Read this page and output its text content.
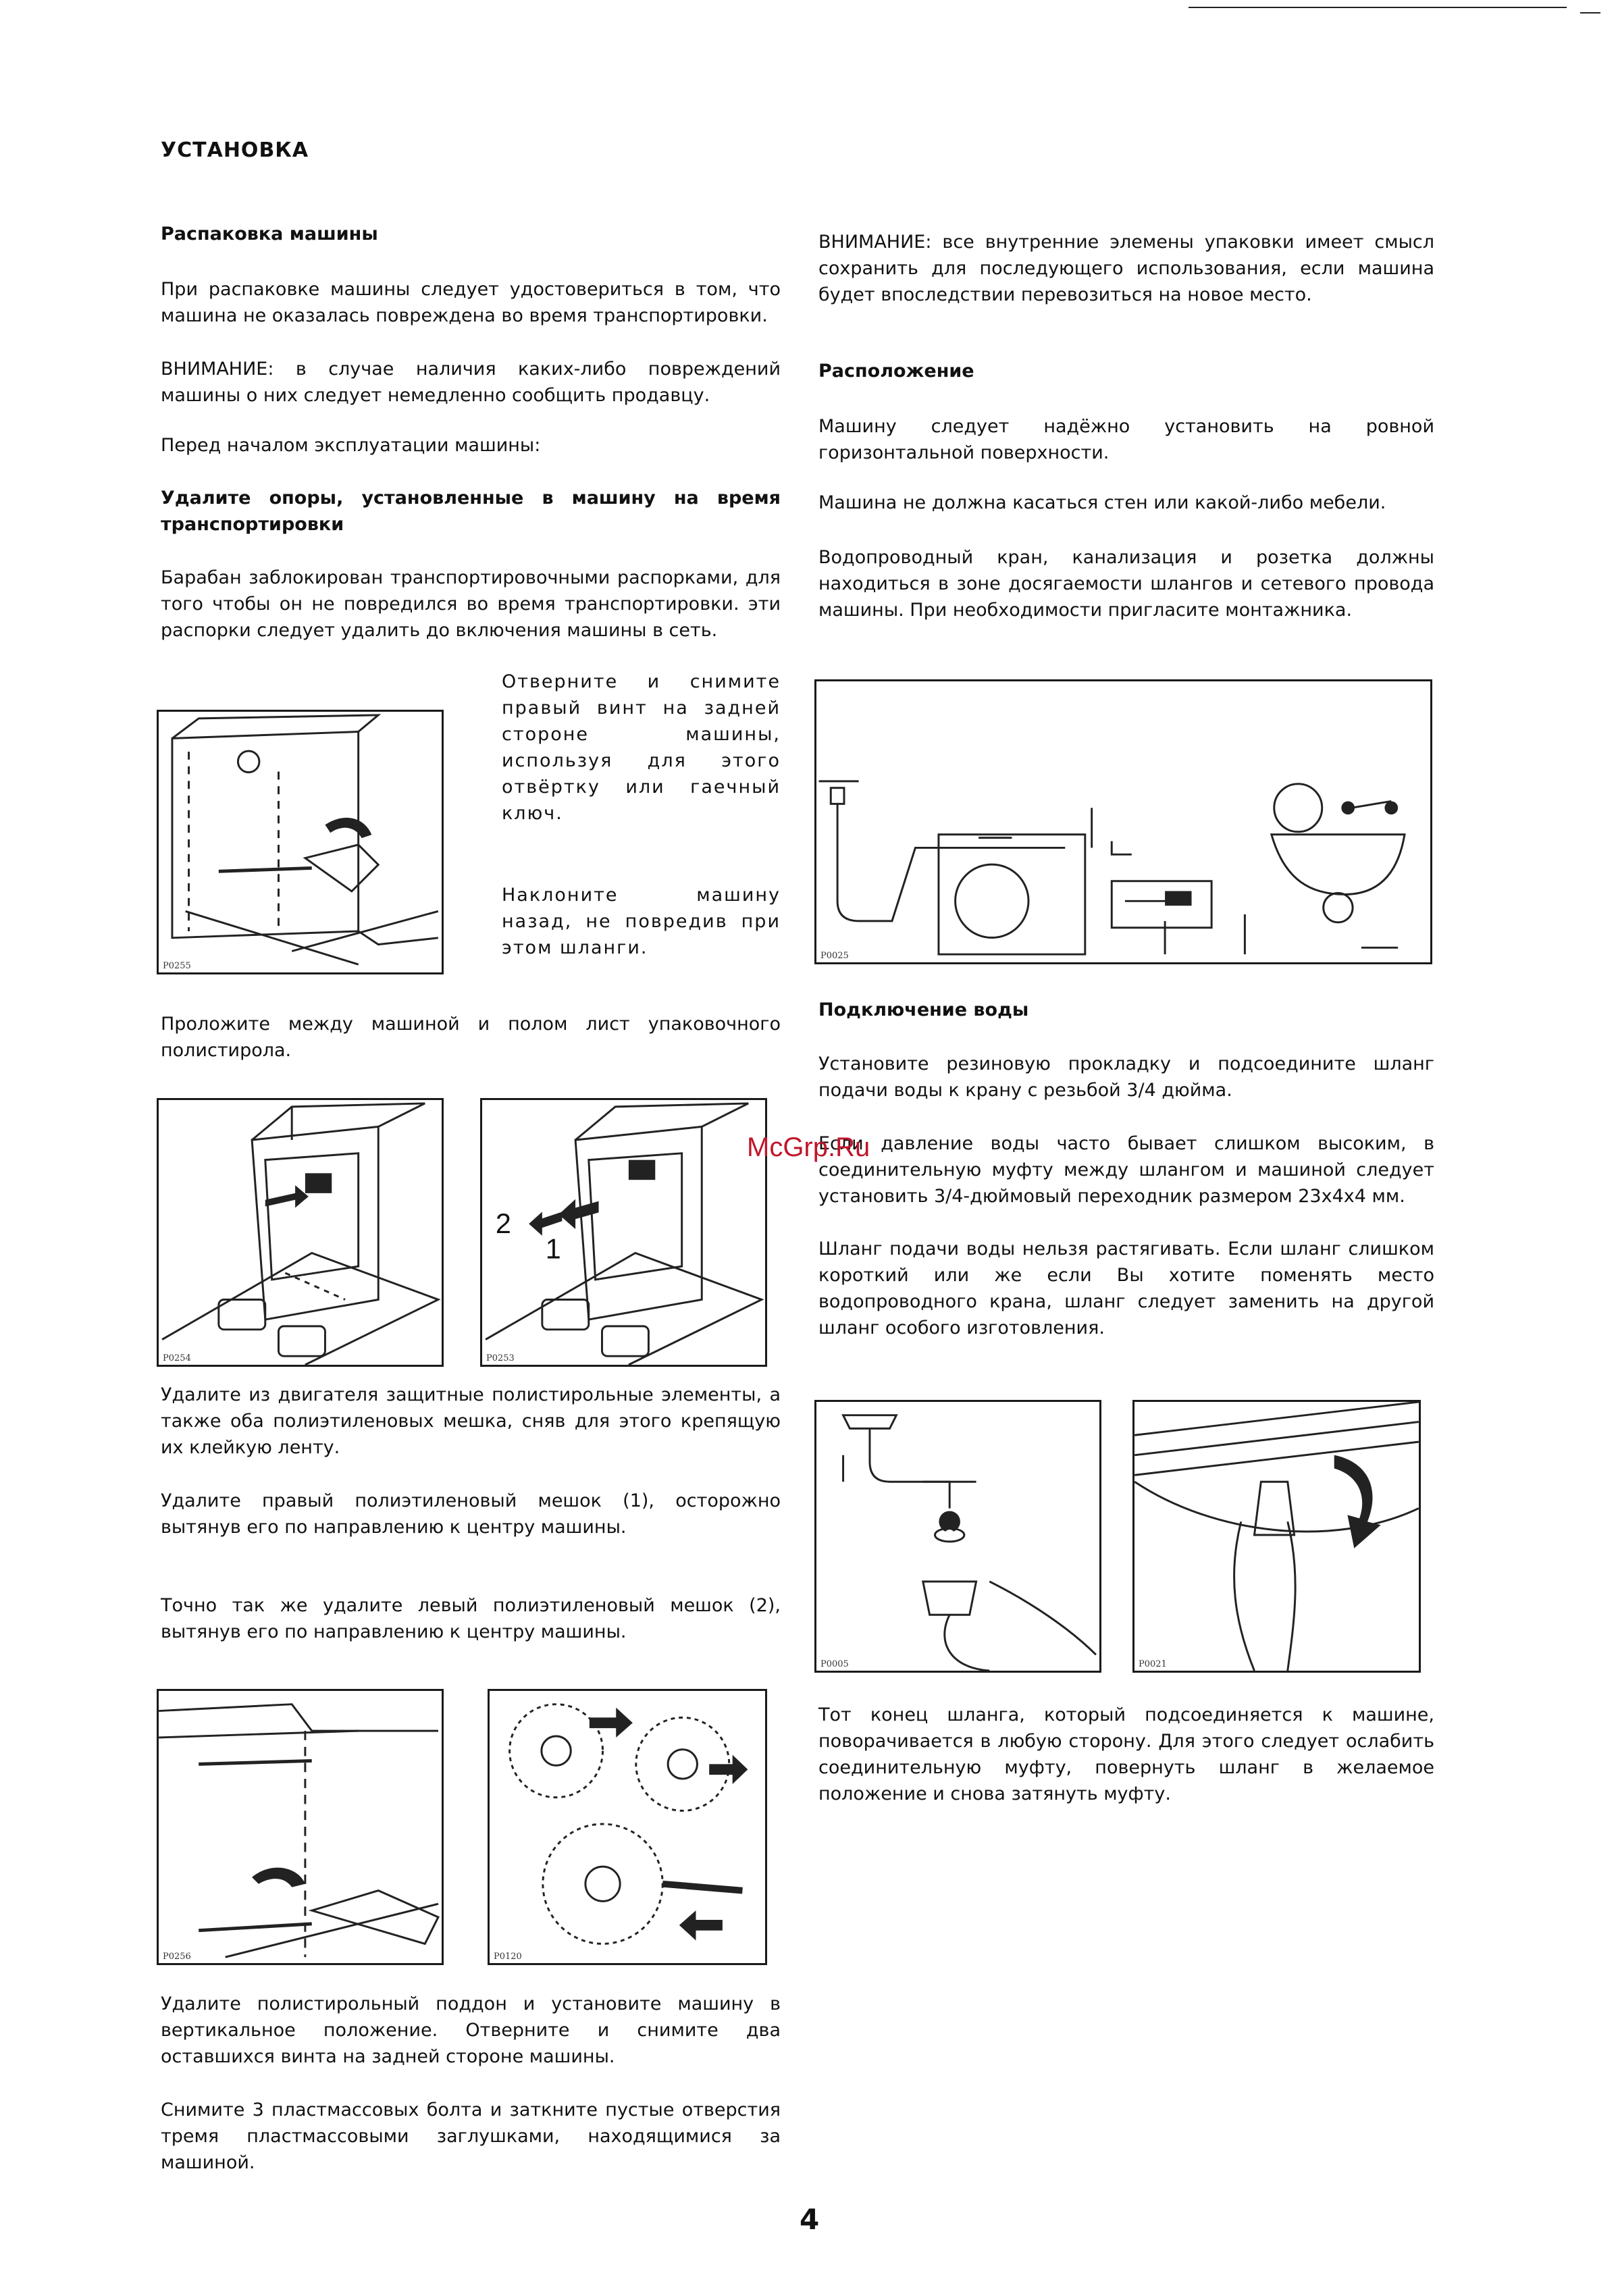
УСТАНОВКА
Распаковка машины
При распаковке машины следует удостовериться в том, что машина не оказалась повреждена во время транспортировки.
ВНИМАНИЕ: в случае наличия каких-либо повреждений машины о них следует немедленно сообщить продавцу.
Перед началом эксплуатации машины:
Удалите опоры, установленные в машину на время транспортировки
Барабан заблокирован транспортировочными распорками, для того чтобы он не повредился во время транспортировки. эти распорки следует удалить до включения машины в сеть.
P0255
Отверните и снимите правый винт на задней стороне машины, используя для этого отвёртку или гаечный ключ.
Наклоните машину назад, не повредив при этом шланги.
Проложите между машиной и полом лист упаковочного полистирола.
P0254
2
1
P0253
Удалите из двигателя защитные полистирольные элементы, а также оба полиэтиленовых мешка, сняв для этого крепящую их клейкую ленту.
Удалите правый полиэтиленовый мешок (1), осторожно вытянув его по направлению к центру машины.
Точно так же удалите левый полиэтиленовый мешок (2), вытянув его по направлению к центру машины.
P0256	P0120
Удалите полистирольный поддон и установите машину в вертикальное положение. Отверните и снимите два оставшихся винта на задней стороне машины.
Снимите 3 пластмассовых болта и заткните пустые отверстия тремя пластмассовыми заглушками, находящимися за машиной.
ВНИМАНИЕ: все внутренние элемены упаковки имеет смысл сохранить для последующего использования, если машина будет впоследствии перевозиться на новое место.
Расположение
Машину следует надёжно установить на ровной горизонтальной поверхности.
Машина не должна касаться стен или какой-либо мебели.
Водопроводный кран, канализация и розетка должны находиться в зоне досягаемости шлангов и сетевого провода машины. При необходимости пригласите монтажника.
P0025
Подключение воды
Установите резиновую прокладку и подсоедините шланг подачи воды к крану с резьбой 3/4 дюйма.
Если давление воды часто бывает слишком высоким, в соединительную муфту между шлангом и машиной следует установить 3/4-дюймовый переходник размером 23x4x4 мм.
Шланг подачи воды нельзя растягивать. Если шланг слишком короткий или же если Вы хотите поменять место водопроводного крана, шланг следует заменить на другой шланг особого изготовления.
P0005	P0021
Тот конец шланга, который подсоединяется к машине, поворачивается в любую сторону. Для этого следует ослабить соединительную муфту, повернуть шланг в желаемое положение и снова затянуть муфту.
McGrp.Ru
4
